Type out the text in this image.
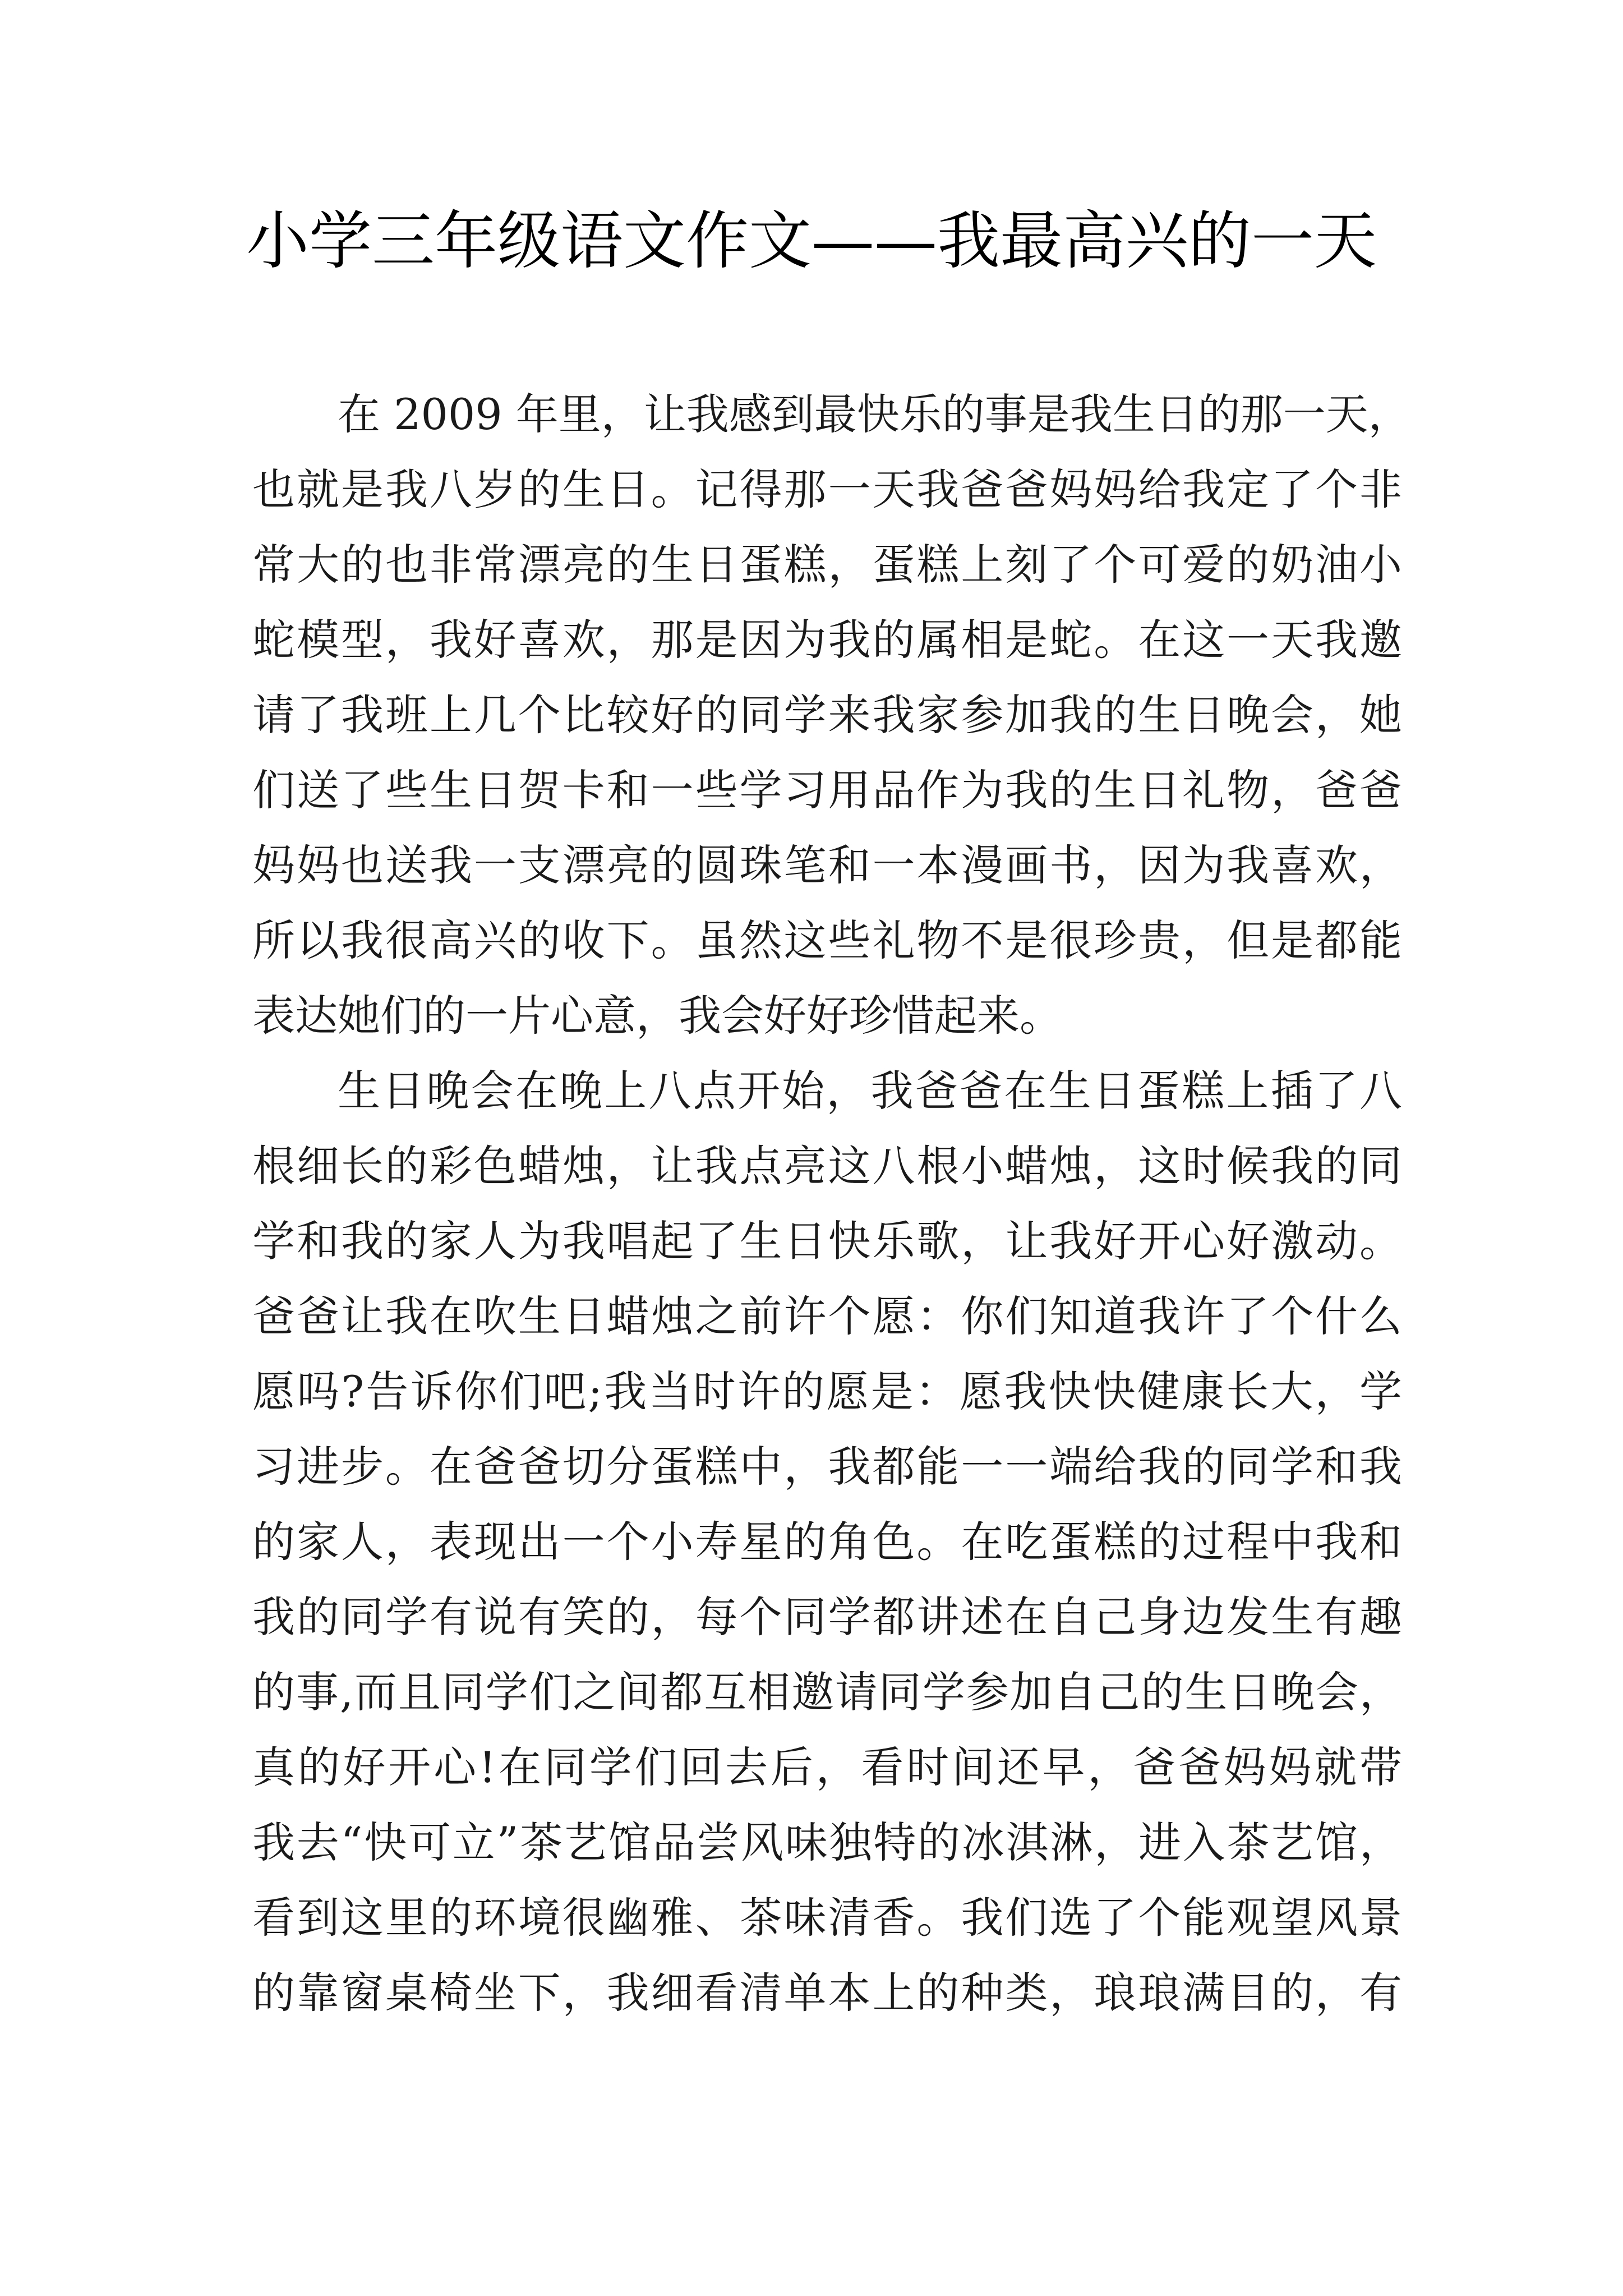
小学三年级语文作文——我最高兴的一天
在 2009 年里，让我感到最快乐的事是我生日的那一天，
也就是我八岁的生日。记得那一天我爸爸妈妈给我定了个非
常大的也非常漂亮的生日蛋糕，蛋糕上刻了个可爱的奶油小
蛇模型，我好喜欢，那是因为我的属相是蛇。在这一天我邀
请了我班上几个比较好的同学来我家参加我的生日晚会，她
们送了些生日贺卡和一些学习用品作为我的生日礼物，爸爸
妈妈也送我一支漂亮的圆珠笔和一本漫画书，因为我喜欢，
所以我很高兴的收下。虽然这些礼物不是很珍贵，但是都能
表达她们的一片心意，我会好好珍惜起来。
生日晚会在晚上八点开始，我爸爸在生日蛋糕上插了八
根细长的彩色蜡烛，让我点亮这八根小蜡烛，这时候我的同
学和我的家人为我唱起了生日快乐歌，让我好开心好激动。
爸爸让我在吹生日蜡烛之前许个愿：你们知道我许了个什么
愿吗?告诉你们吧;我当时许的愿是：愿我快快健康长大，学
习进步。在爸爸切分蛋糕中，我都能一一端给我的同学和我
的家人，表现出一个小寿星的角色。在吃蛋糕的过程中我和
我的同学有说有笑的，每个同学都讲述在自己身边发生有趣
的事,而且同学们之间都互相邀请同学参加自己的生日晚会，
真的好开心!在同学们回去后，看时间还早，爸爸妈妈就带
我去“快可立”茶艺馆品尝风味独特的冰淇淋，进入茶艺馆，
看到这里的环境很幽雅、茶味清香。我们选了个能观望风景
的靠窗桌椅坐下，我细看清单本上的种类，琅琅满目的，有
